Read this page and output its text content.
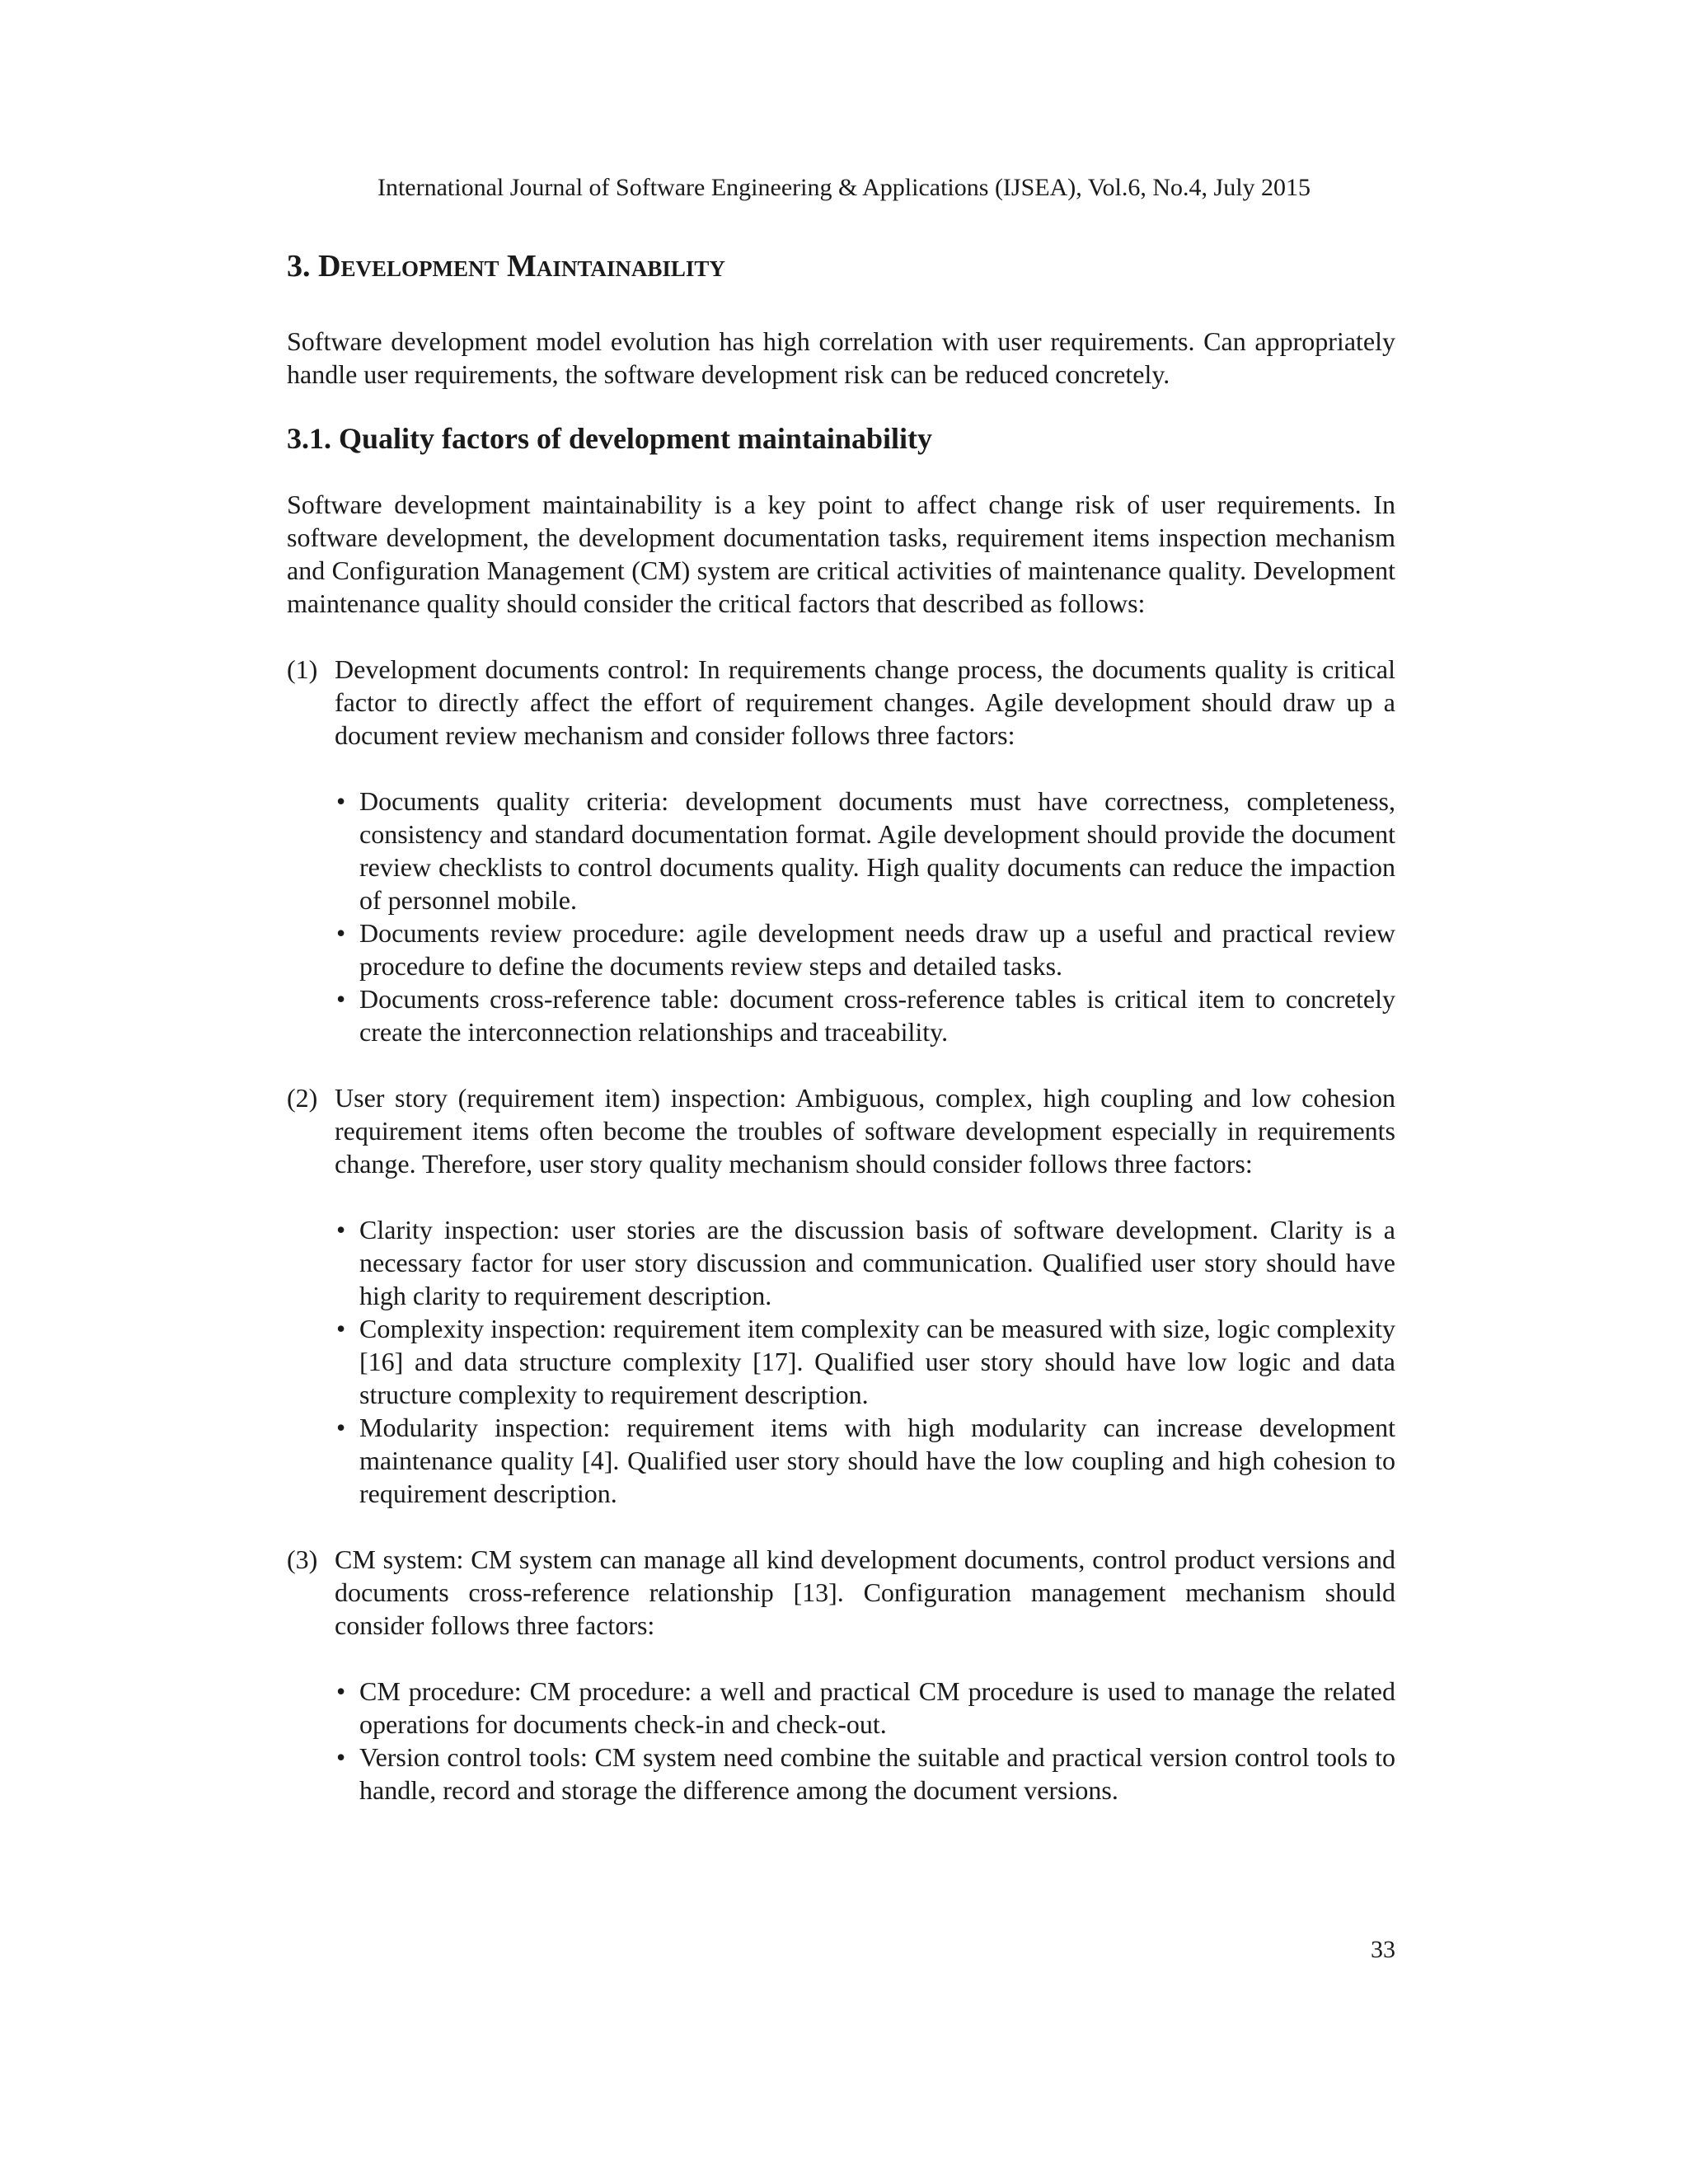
International Journal of Software Engineering & Applications (IJSEA), Vol.6, No.4, July 2015
3. Development Maintainability

Software development model evolution has high correlation with user requirements. Can appropriately handle user requirements, the software development risk can be reduced concretely.

3.1. Quality factors of development maintainability

Software development maintainability is a key point to affect change risk of user requirements. In software development, the development documentation tasks, requirement items inspection mechanism and Configuration Management (CM) system are critical activities of maintenance quality. Development maintenance quality should consider the critical factors that described as follows:

(1) Development documents control: In requirements change process, the documents quality is critical factor to directly affect the effort of requirement changes. Agile development should draw up a document review mechanism and consider follows three factors:
• Documents quality criteria: development documents must have correctness, completeness, consistency and standard documentation format. Agile development should provide the document review checklists to control documents quality. High quality documents can reduce the impaction of personnel mobile.
• Documents review procedure: agile development needs draw up a useful and practical review procedure to define the documents review steps and detailed tasks.
• Documents cross-reference table: document cross-reference tables is critical item to concretely create the interconnection relationships and traceability.
(2) User story (requirement item) inspection: Ambiguous, complex, high coupling and low cohesion requirement items often become the troubles of software development especially in requirements change. Therefore, user story quality mechanism should consider follows three factors:
• Clarity inspection: user stories are the discussion basis of software development. Clarity is a necessary factor for user story discussion and communication. Qualified user story should have high clarity to requirement description.
• Complexity inspection: requirement item complexity can be measured with size, logic complexity [16] and data structure complexity [17]. Qualified user story should have low logic and data structure complexity to requirement description.
• Modularity inspection: requirement items with high modularity can increase development maintenance quality [4]. Qualified user story should have the low coupling and high cohesion to requirement description.
(3) CM system: CM system can manage all kind development documents, control product versions and documents cross-reference relationship [13]. Configuration management mechanism should consider follows three factors:
• CM procedure: CM procedure: a well and practical CM procedure is used to manage the related operations for documents check-in and check-out.
• Version control tools: CM system need combine the suitable and practical version control tools to handle, record and storage the difference among the document versions.
33
